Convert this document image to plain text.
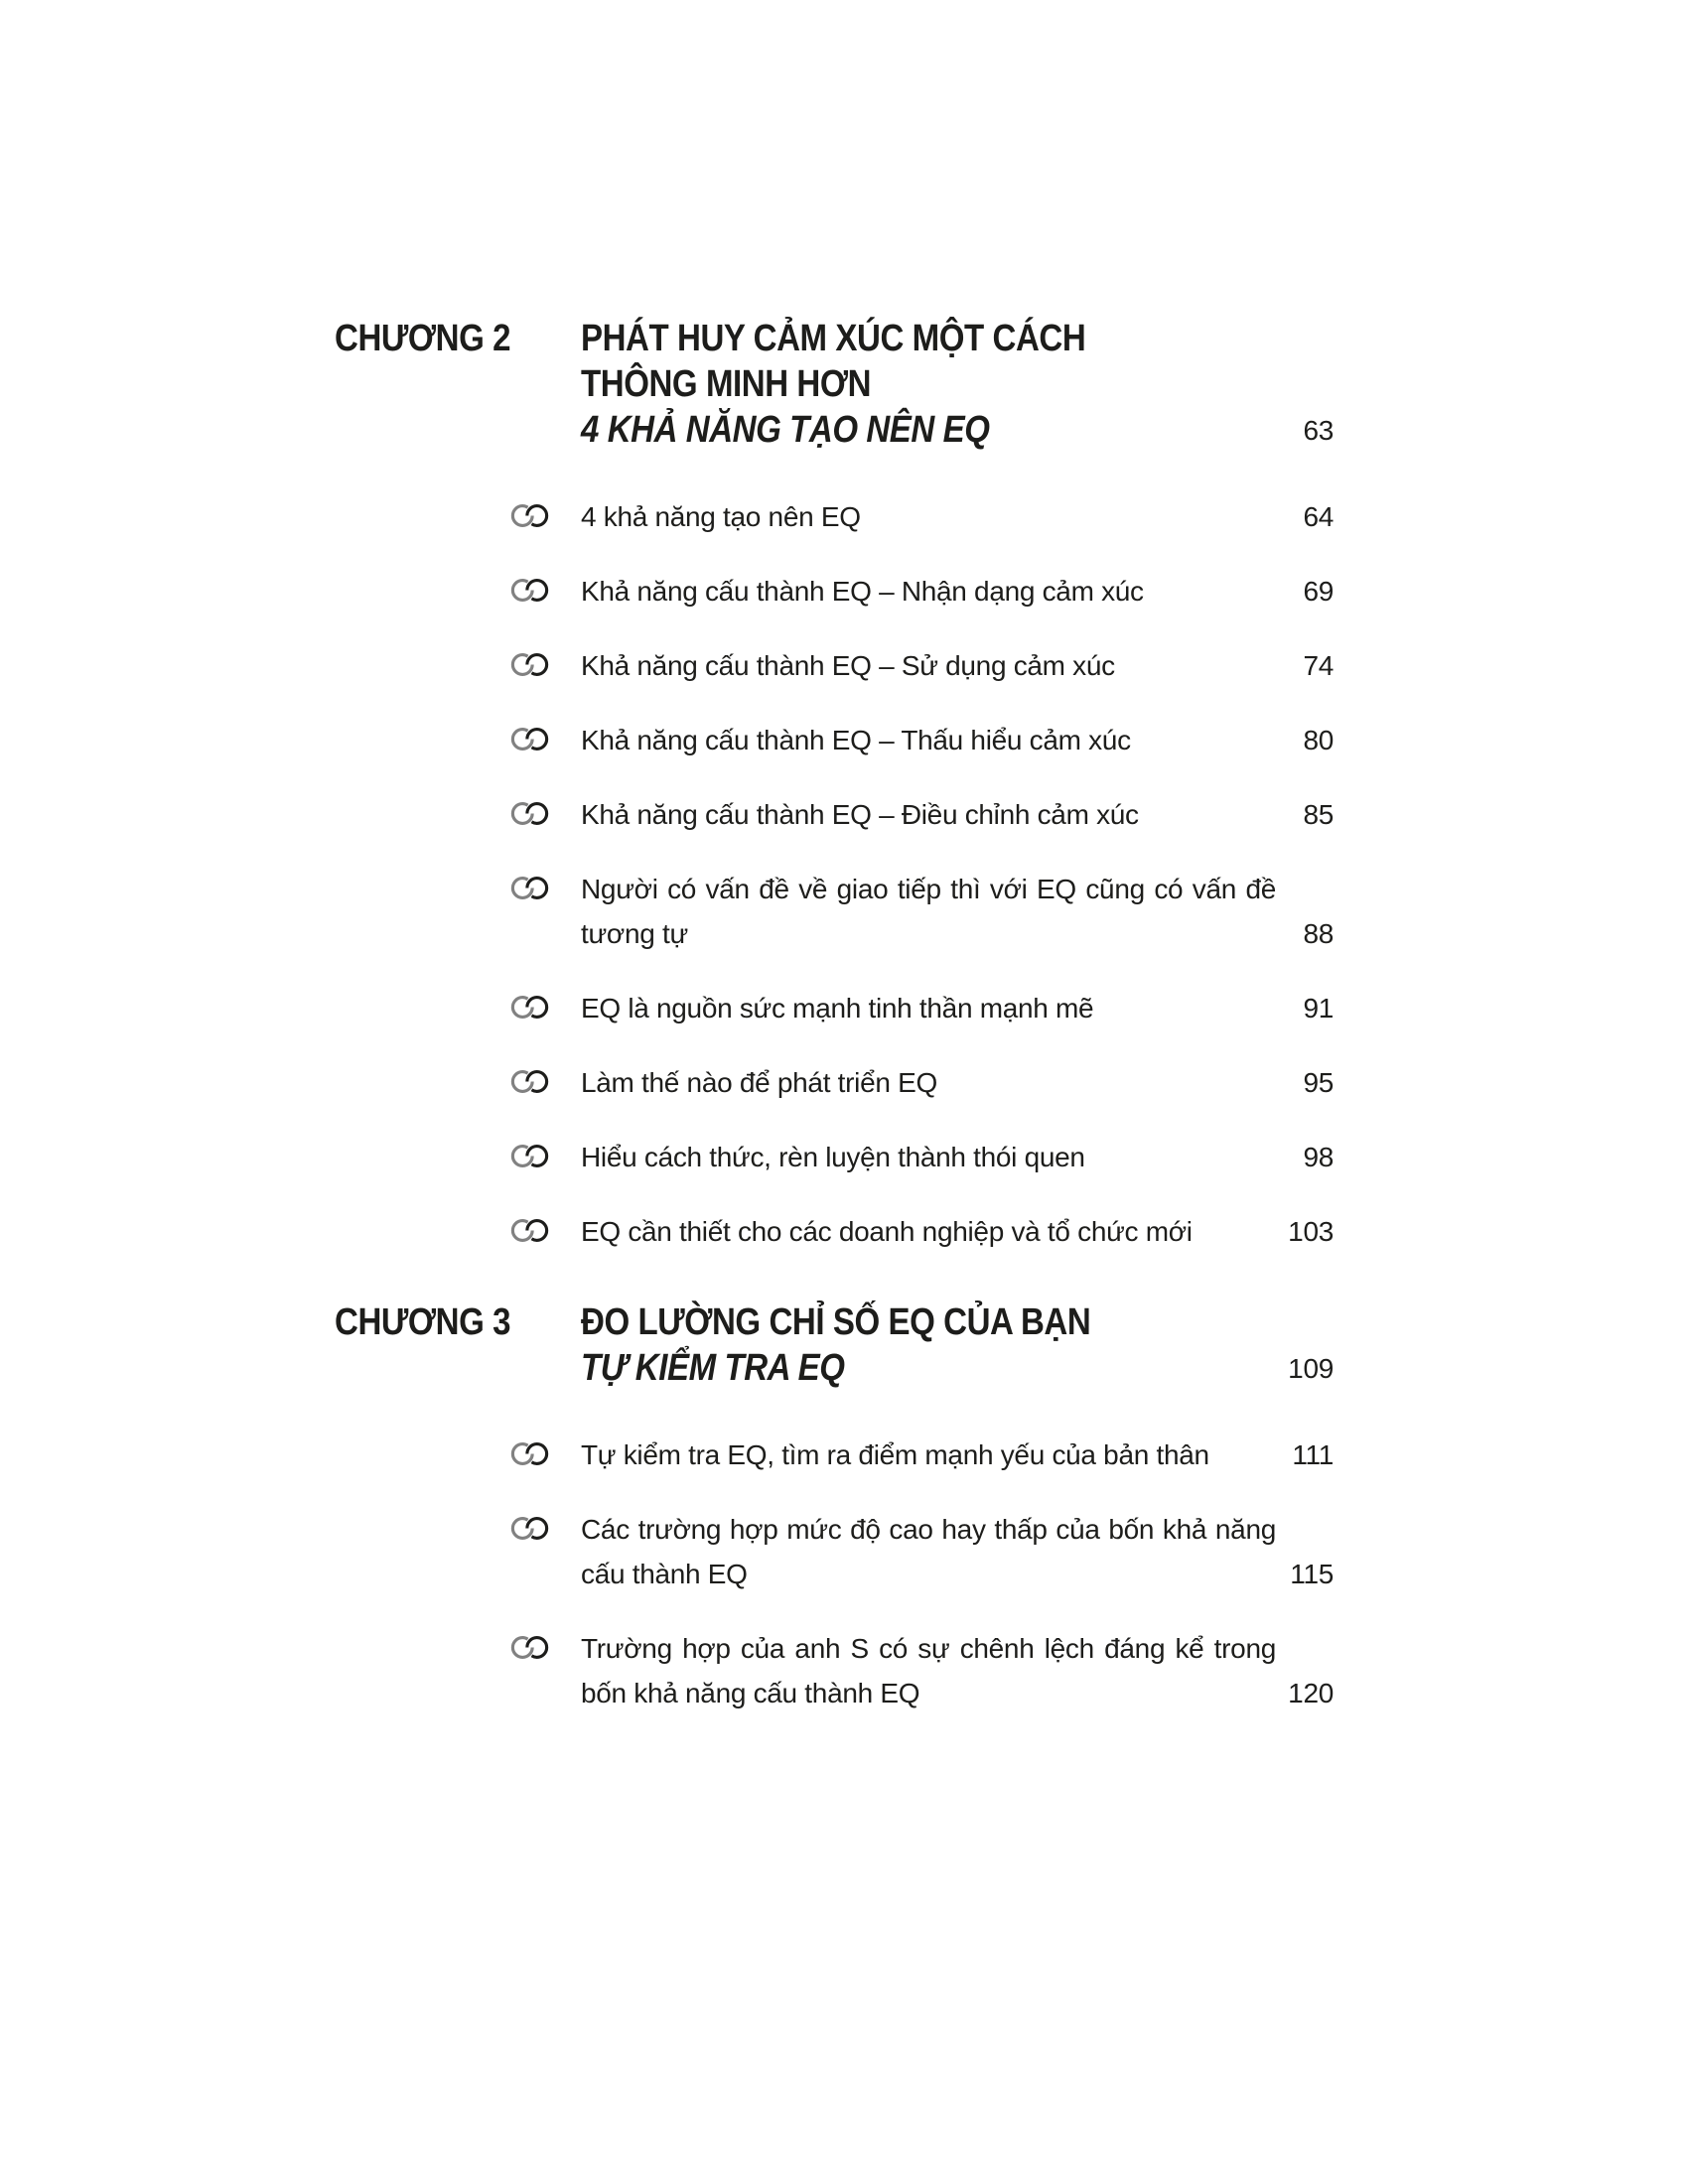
CHƯƠNG 2	PHÁT HUY CẢM XÚC MỘT CÁCH
THÔNG MINH HƠN
4 KHẢ NĂNG TẠO NÊN EQ	63
4 khả năng tạo nên EQ	64
Khả năng cấu thành EQ – Nhận dạng cảm xúc	69
Khả năng cấu thành EQ – Sử dụng cảm xúc	74
Khả năng cấu thành EQ – Thấu hiểu cảm xúc	80
Khả năng cấu thành EQ – Điều chỉnh cảm xúc	85
Người có vấn đề về giao tiếp thì với EQ cũng có vấn đề tương tự	88
EQ là nguồn sức mạnh tinh thần mạnh mẽ	91
Làm thế nào để phát triển EQ	95
Hiểu cách thức, rèn luyện thành thói quen	98
EQ cần thiết cho các doanh nghiệp và tổ chức mới	103
CHƯƠNG 3	ĐO LƯỜNG CHỈ SỐ EQ CỦA BẠN
TỰ KIỂM TRA EQ	109
Tự kiểm tra EQ, tìm ra điểm mạnh yếu của bản thân	111
Các trường hợp mức độ cao hay thấp của bốn khả năng cấu thành EQ	115
Trường hợp của anh S có sự chênh lệch đáng kể trong bốn khả năng cấu thành EQ	120
